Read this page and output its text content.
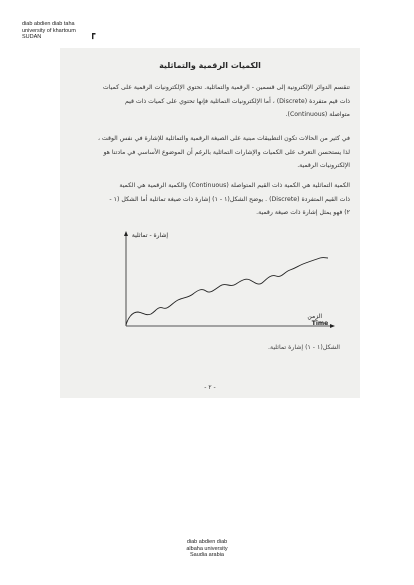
diab abdien diab taha
university of khartoum
SUDAN	┏
الكميات الرقمية والتماثلية
تنقسم الدوائر الإلكترونية إلى قسمين - الرقمية والتماثلية. تحتوي الإلكترونيات الرقمية على كميات
ذات قيم متفردة (Discrete) ، أما الإلكترونيات التماثلية فإنها تحتوي على كميات ذات قيم
متواصلة (Continuous).
في كثير من الحالات تكون التطبيقات مبنية على الصيغة الرقمية والتماثلية للإشارة في نفس الوقت ،
لذا يستحسن التعرف على الكميات والإشارات التماثلية بالرغم أن الموضوع الأساسي في مادتنا هو
الإلكترونيات الرقمية.
الكمية التماثلية هي الكمية ذات القيم المتواصلة (Continuous) والكمية الرقمية هي الكمية
ذات القيم المتفردة (Discrete) . يوضح الشكل(١ - ١) إشارة ذات صيغة تماثلية أما الشكل (١ -
٢) فهو يمثل إشارة ذات صيغة رقمية.
إشارة - تماثلية
الزمن
Time
الشكل(١ - ١) إشارة تماثلية.
- ٢ -
diab abdien diab
albaha university
Saudia arabia
